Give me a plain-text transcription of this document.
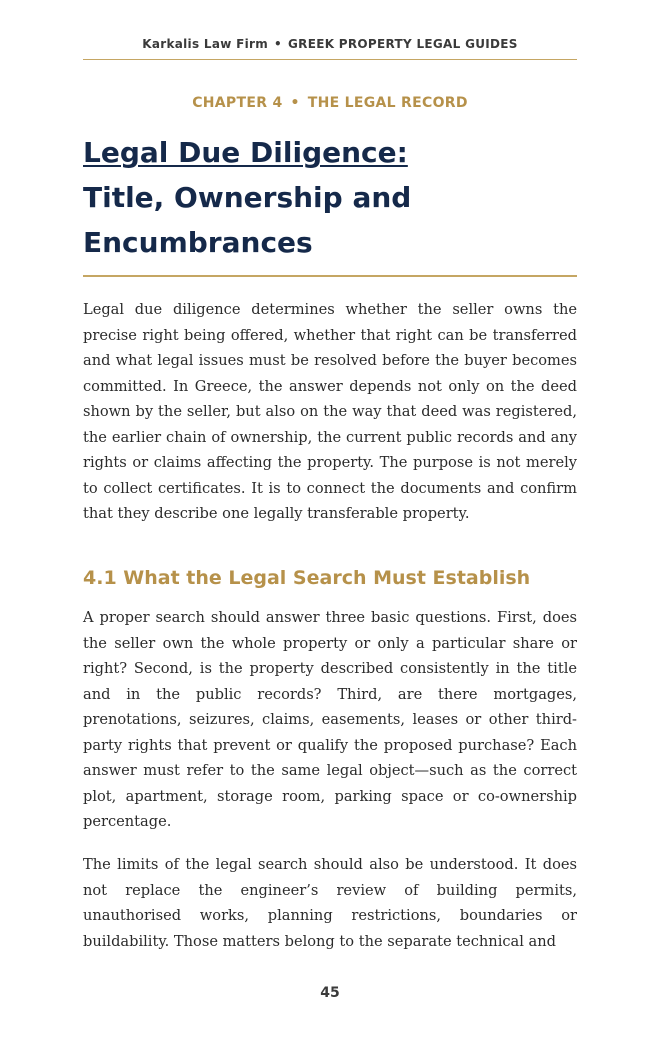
Karkalis Law Firm • GREEK PROPERTY LEGAL GUIDES
CHAPTER 4 • THE LEGAL RECORD
Legal Due Diligence:
Title, Ownership and
Encumbrances

Legal due diligence determines whether the seller owns the precise right being offered, whether that right can be transferred and what legal issues must be resolved before the buyer becomes committed. In Greece, the answer depends not only on the deed shown by the seller, but also on the way that deed was registered, the earlier chain of ownership, the current public records and any rights or claims affecting the property. The purpose is not merely to collect certificates. It is to connect the documents and confirm that they describe one legally transferable property.

4.1 What the Legal Search Must Establish

A proper search should answer three basic questions. First, does the seller own the whole property or only a particular share or right? Second, is the property described consistently in the title and in the public records? Third, are there mortgages, prenotations, seizures, claims, easements, leases or other third-party rights that prevent or qualify the proposed purchase? Each answer must refer to the same legal object—such as the correct plot, apartment, storage room, parking space or co-ownership percentage.

The limits of the legal search should also be understood. It does not replace the engineer’s review of building permits, unauthorised works, planning restrictions, boundaries or buildability. Those matters belong to the separate technical and

45
